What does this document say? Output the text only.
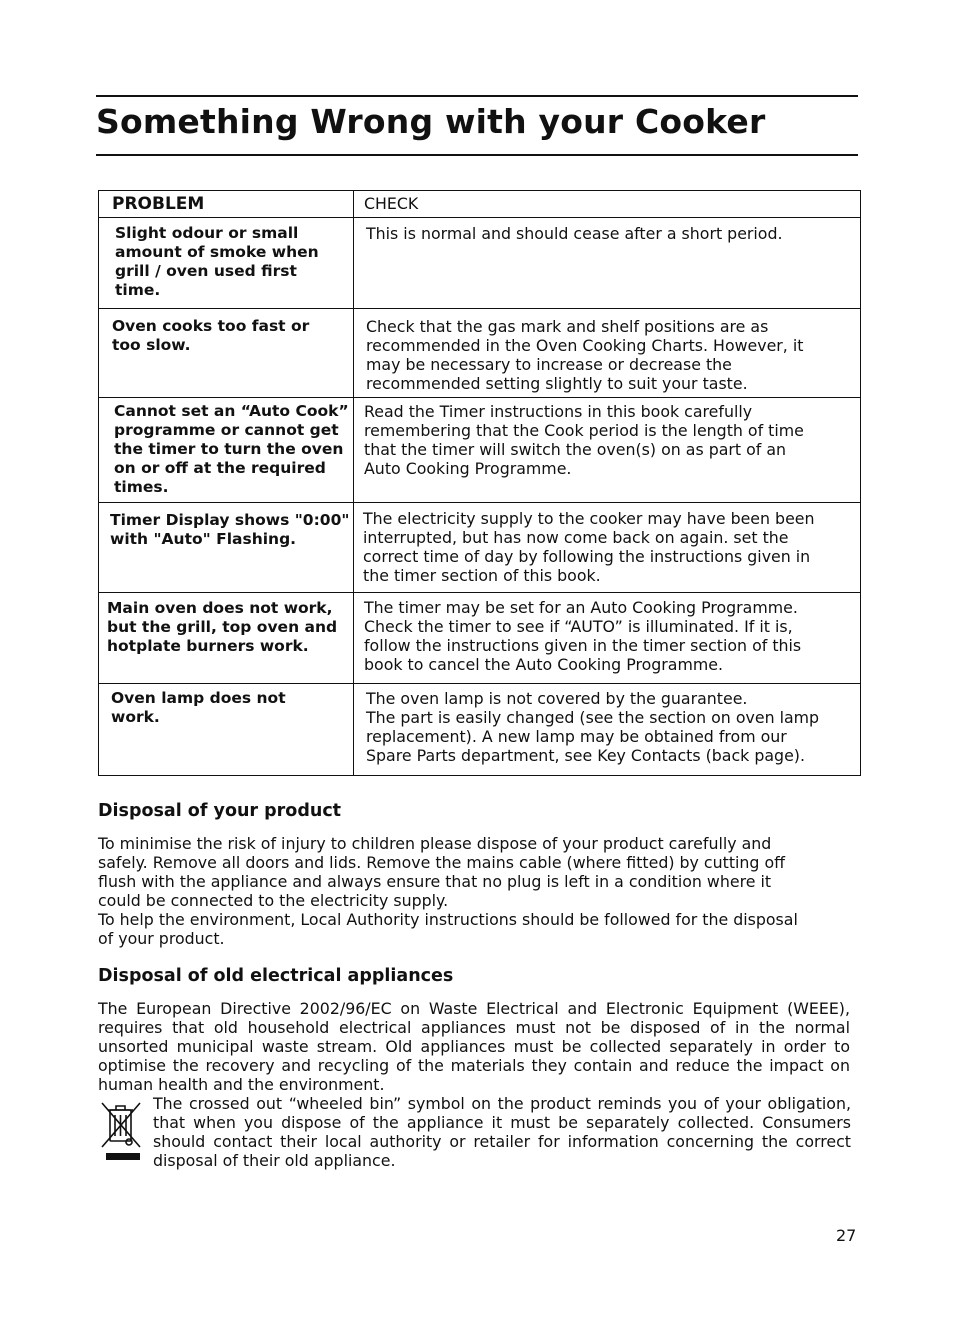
Something Wrong with your Cooker
PROBLEM	CHECK
Slight odour or small
amount of smoke when
grill / oven used first
time.
This is normal and should cease after a short period.
Oven cooks too fast or
too slow.
Check that the gas mark and shelf positions are as
recommended in the Oven Cooking Charts. However, it
may be necessary to increase or decrease the
recommended setting slightly to suit your taste.
Cannot set an “Auto Cook”
programme or cannot get
the timer to turn the oven
on or off at the required
times.
Read the Timer instructions in this book carefully
remembering that the Cook period is the length of time
that the timer will switch the oven(s) on as part of an
Auto Cooking Programme.
Timer Display shows "0:00"
with "Auto" Flashing.
The electricity supply to the cooker may have been been
interrupted, but has now come back on again. set the
correct time of day by following the instructions given in
the timer section of this book.
Main oven does not work,
but the grill, top oven and
hotplate burners work.
The timer may be set for an Auto Cooking Programme.
Check the timer to see if “AUTO” is illuminated. If it is,
follow the instructions given in the timer section of this
book to cancel the Auto Cooking Programme.
Oven lamp does not
work.
The oven lamp is not covered by the guarantee.
The part is easily changed (see the section on oven lamp
replacement). A new lamp may be obtained from our
Spare Parts department, see Key Contacts (back page).
Disposal of your product

To minimise the risk of injury to children please dispose of your product carefully and
safely. Remove all doors and lids. Remove the mains cable (where fitted) by cutting off
flush with the appliance and always ensure that no plug is left in a condition where it
could be connected to the electricity supply.
To help the environment, Local Authority instructions should be followed for the disposal
of your product.

Disposal of old electrical appliances

The European Directive 2002/96/EC on Waste Electrical and Electronic Equipment (WEEE), requires that old household electrical appliances must not be disposed of in the normal unsorted municipal waste stream. Old appliances must be collected separately in order to optimise the recovery and recycling of the materials they contain and reduce the impact on human health and the environment.

The crossed out “wheeled bin” symbol on the product reminds you of your obligation, that when you dispose of the appliance it must be separately collected. Consumers should contact their local authority or retailer for information concerning the correct disposal of their old appliance.

27
